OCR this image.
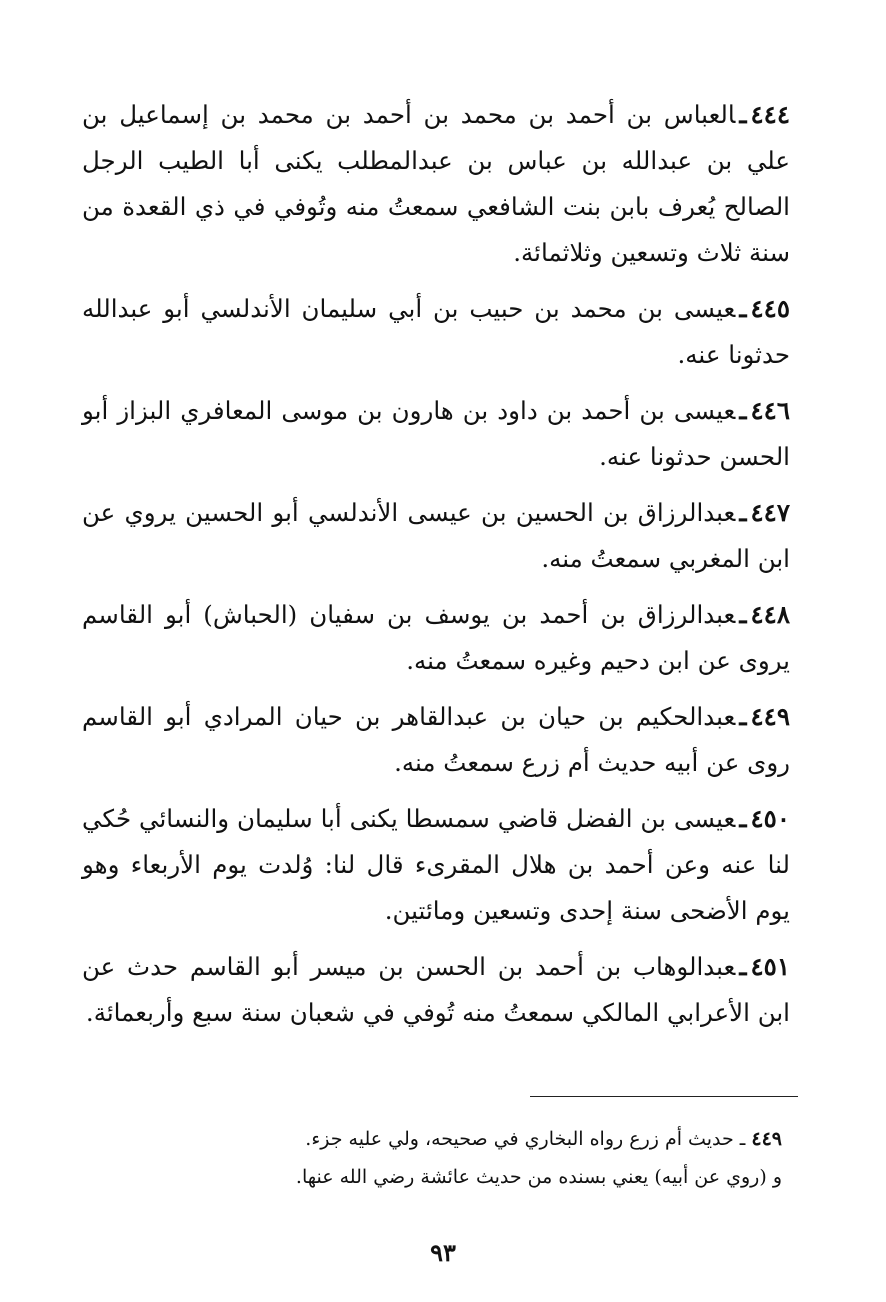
٤٤٤ـالعباس بن أحمد بن محمد بن أحمد بن محمد بن إسماعيل بن علي بن عبدالله بن عباس بن عبدالمطلب يكنى أبا الطيب الرجل الصالح يُعرف بابن بنت الشافعي سمعتُ منه وتُوفي في ذي القعدة من سنة ثلاث وتسعين وثلاثمائة.

٤٤٥ـعيسى بن محمد بن حبيب بن أبي سليمان الأندلسي أبو عبدالله حدثونا عنه.

٤٤٦ـعيسى بن أحمد بن داود بن هارون بن موسى المعافري البزاز أبو الحسن حدثونا عنه.

٤٤٧ـعبدالرزاق بن الحسين بن عيسى الأندلسي أبو الحسين يروي عن ابن المغربي سمعتُ منه.

٤٤٨ـعبدالرزاق بن أحمد بن يوسف بن سفيان (الحباش) أبو القاسم يروى عن ابن دحيم وغيره سمعتُ منه.

٤٤٩ـعبدالحكيم بن حيان بن عبدالقاهر بن حيان المرادي أبو القاسم روى عن أبيه حديث أم زرع سمعتُ منه.

٤٥٠ـعيسى بن الفضل قاضي سمسطا يكنى أبا سليمان والنسائي حُكي لنا عنه وعن أحمد بن هلال المقرىء قال لنا: وُلدت يوم الأربعاء وهو يوم الأضحى سنة إحدى وتسعين ومائتين.

٤٥١ـعبدالوهاب بن أحمد بن الحسن بن ميسر أبو القاسم حدث عن ابن الأعرابي المالكي سمعتُ منه تُوفي في شعبان سنة سبع وأربعمائة.

٤٤٩ ـ حديث أم زرع رواه البخاري في صحيحه، ولي عليه جزء.

و (روي عن أبيه) يعني بسنده من حديث عائشة رضي الله عنها.

٩٣
